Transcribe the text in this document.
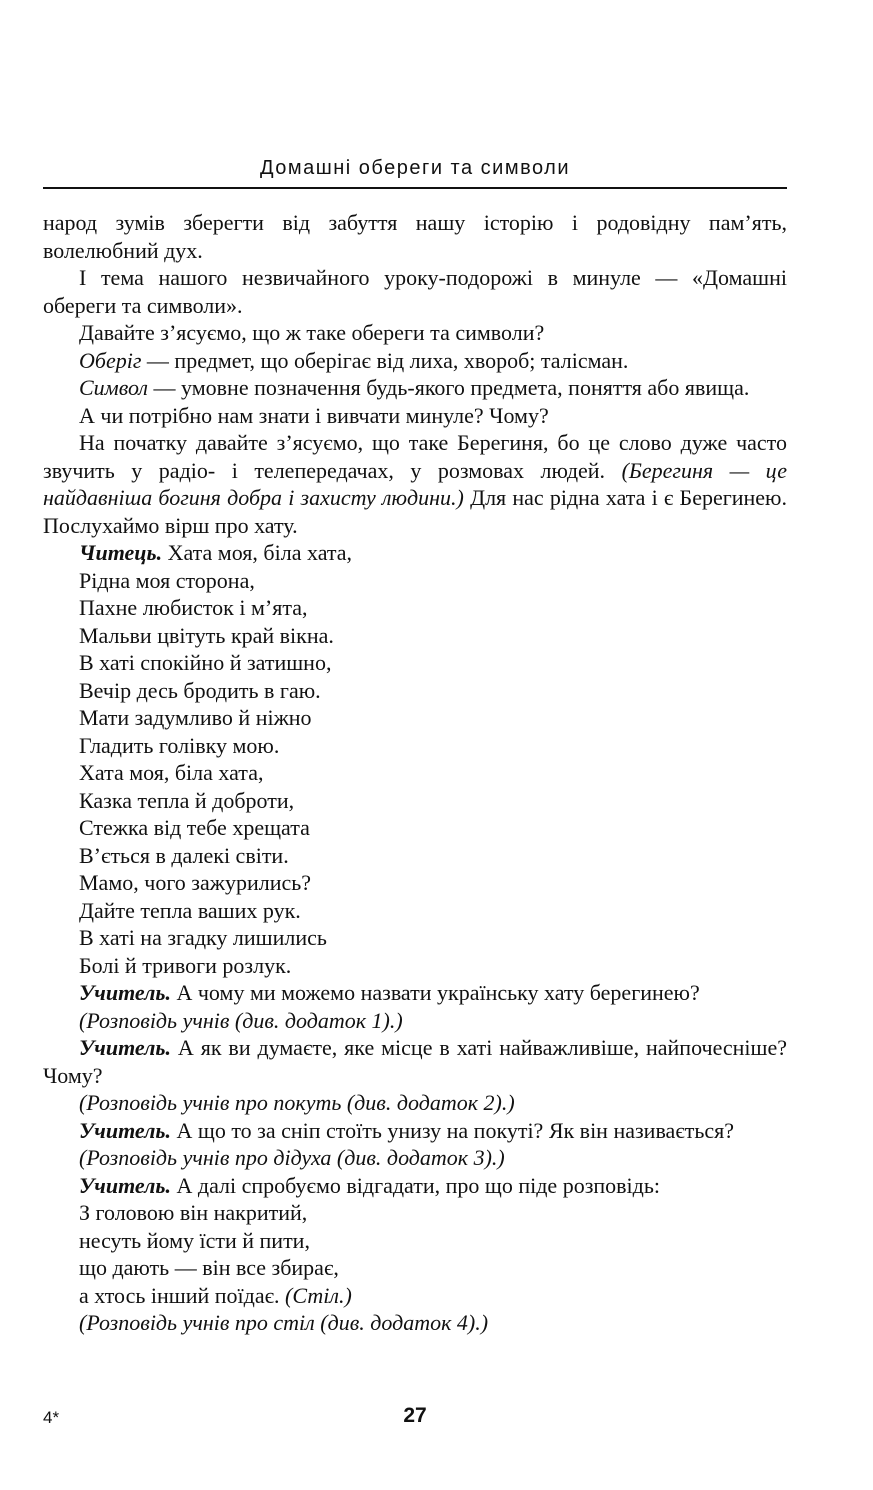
Домашні обереги та символи

народ зумів зберегти від забуття нашу історію і родовідну пам’ять, волелюбний дух.

І тема нашого незвичайного уроку-подорожі в минуле — «Домашні обереги та символи».

Давайте з’ясуємо, що ж таке обереги та символи?

Оберіг — предмет, що оберігає від лиха, хвороб; талісман.

Символ — умовне позначення будь-якого предмета, поняття або явища.

А чи потрібно нам знати і вивчати минуле? Чому?

На початку давайте з’ясуємо, що таке Берегиня, бо це слово дуже часто звучить у радіо- і телепередачах, у розмовах людей. (Берегиня — це найдавніша богиня добра і захисту людини.) Для нас рідна хата і є Берегинею. Послухаймо вірш про хату.

Читець. Хата моя, біла хата,
Рідна моя сторона,
Пахне любисток і м’ята,
Мальви цвітуть край вікна.
В хаті спокійно й затишно,
Вечір десь бродить в гаю.
Мати задумливо й ніжно
Гладить голівку мою.
Хата моя, біла хата,
Казка тепла й доброти,
Стежка від тебе хрещата
В’ється в далекі світи.
Мамо, чого зажурились?
Дайте тепла ваших рук.
В хаті на згадку лишились
Болі й тривоги розлук.

Учитель. А чому ми можемо назвати українську хату берегинею?

(Розповідь учнів (див. додаток 1).)

Учитель. А як ви думаєте, яке місце в хаті найважливіше, найпочесніше? Чому?

(Розповідь учнів про покуть (див. додаток 2).)

Учитель. А що то за сніп стоїть унизу на покуті? Як він називається?

(Розповідь учнів про дідуха (див. додаток 3).)

Учитель. А далі спробуємо відгадати, про що піде розповідь:

З головою він накритий,
несуть йому їсти й пити,
що дають — він все збирає,
а хтось інший поїдає. (Стіл.)

(Розповідь учнів про стіл (див. додаток 4).)

4*	27
